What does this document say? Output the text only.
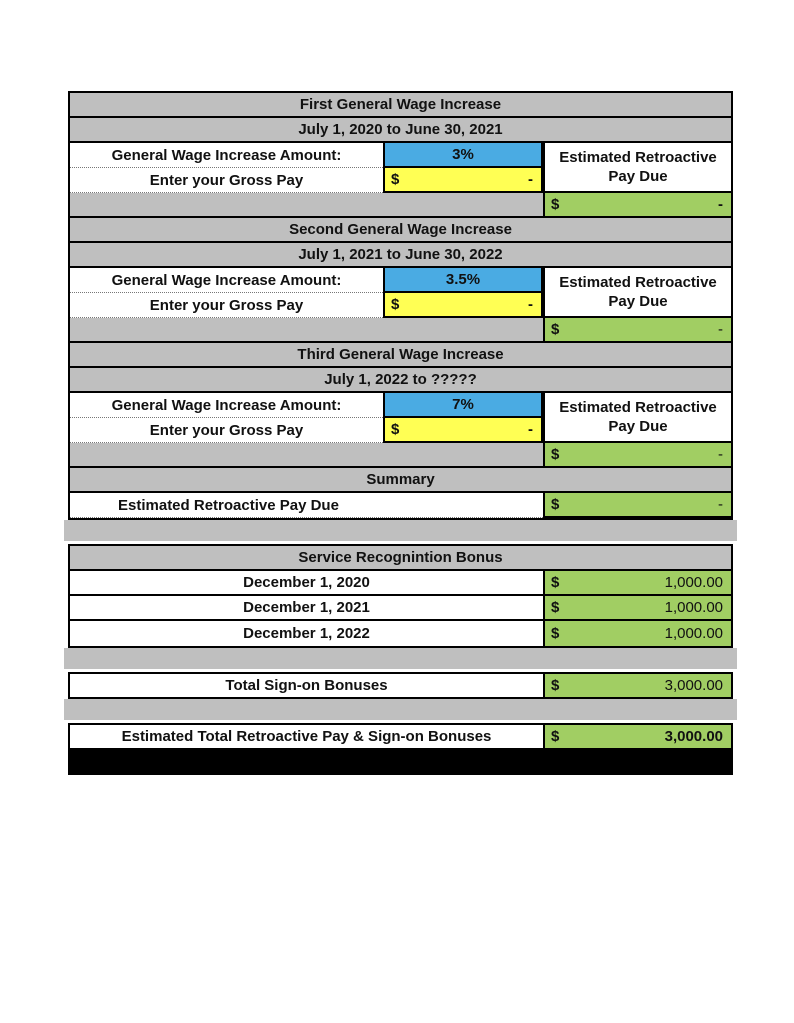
First General Wage Increase
July 1, 2020 to June 30, 2021
General Wage Increase Amount:	3%	Estimated Retroactive
Pay Due
Enter your Gross Pay	$	-
$	-
Second General Wage Increase
July 1, 2021 to June 30, 2022
General Wage Increase Amount:	3.5%	Estimated Retroactive
Pay Due
Enter your Gross Pay	$	-
$	-
Third General Wage Increase
July 1, 2022 to ?????
General Wage Increase Amount:	7%	Estimated Retroactive
Pay Due
Enter your Gross Pay	$	-
$	-
Summary
Estimated Retroactive Pay Due	$	-
Service Recognintion Bonus
December 1, 2020	$	1,000.00
December 1, 2021	$	1,000.00
December 1, 2022	$	1,000.00
Total Sign-on Bonuses	$	3,000.00
Estimated Total Retroactive Pay & Sign-on Bonuses	$	3,000.00
